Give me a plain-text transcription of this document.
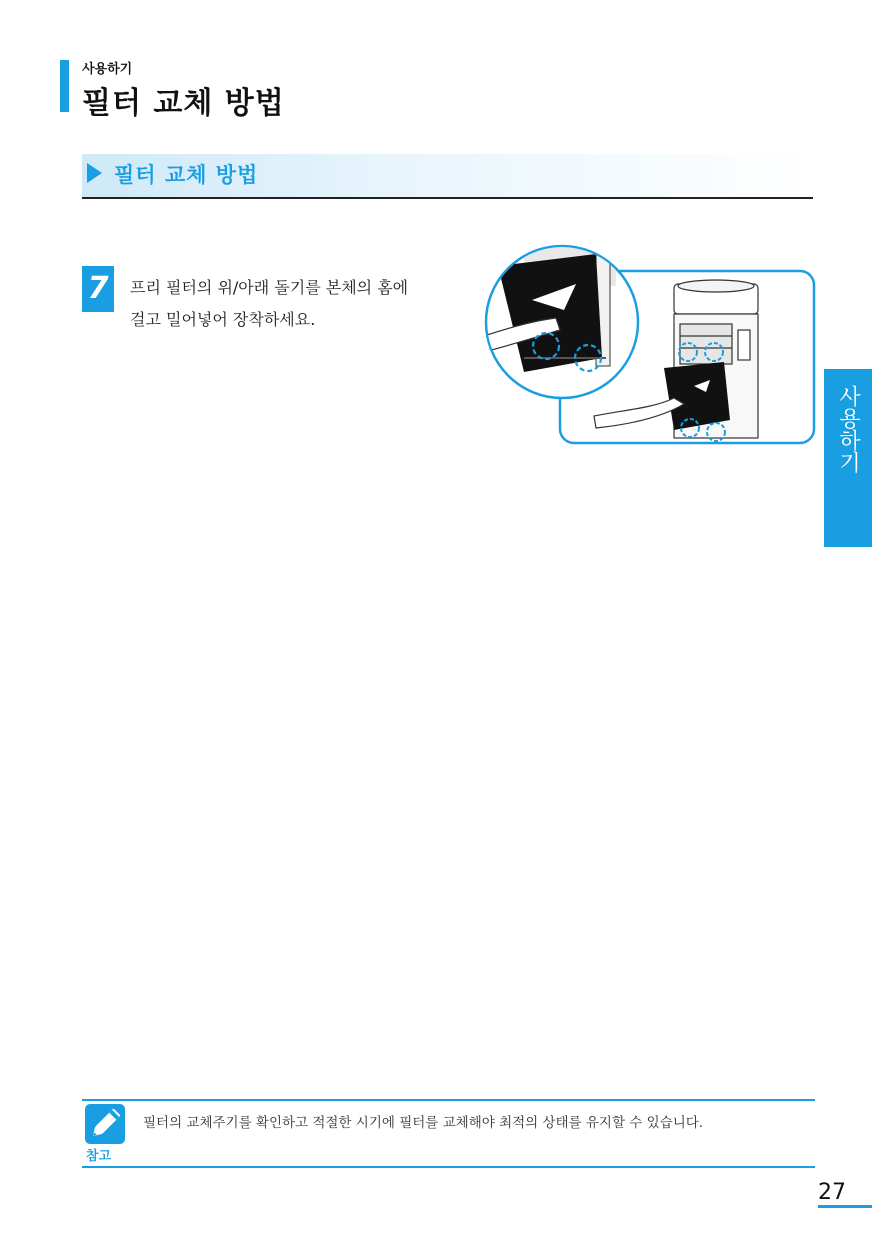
사용하기
필터 교체 방법
필터 교체 방법
7	프리 필터의 위/아래 돌기를 본체의 홈에
걸고 밀어넣어 장착하세요.
사용하기
참고
필터의 교체주기를 확인하고 적절한 시기에 필터를 교체해야 최적의 상태를 유지할 수 있습니다.
27
